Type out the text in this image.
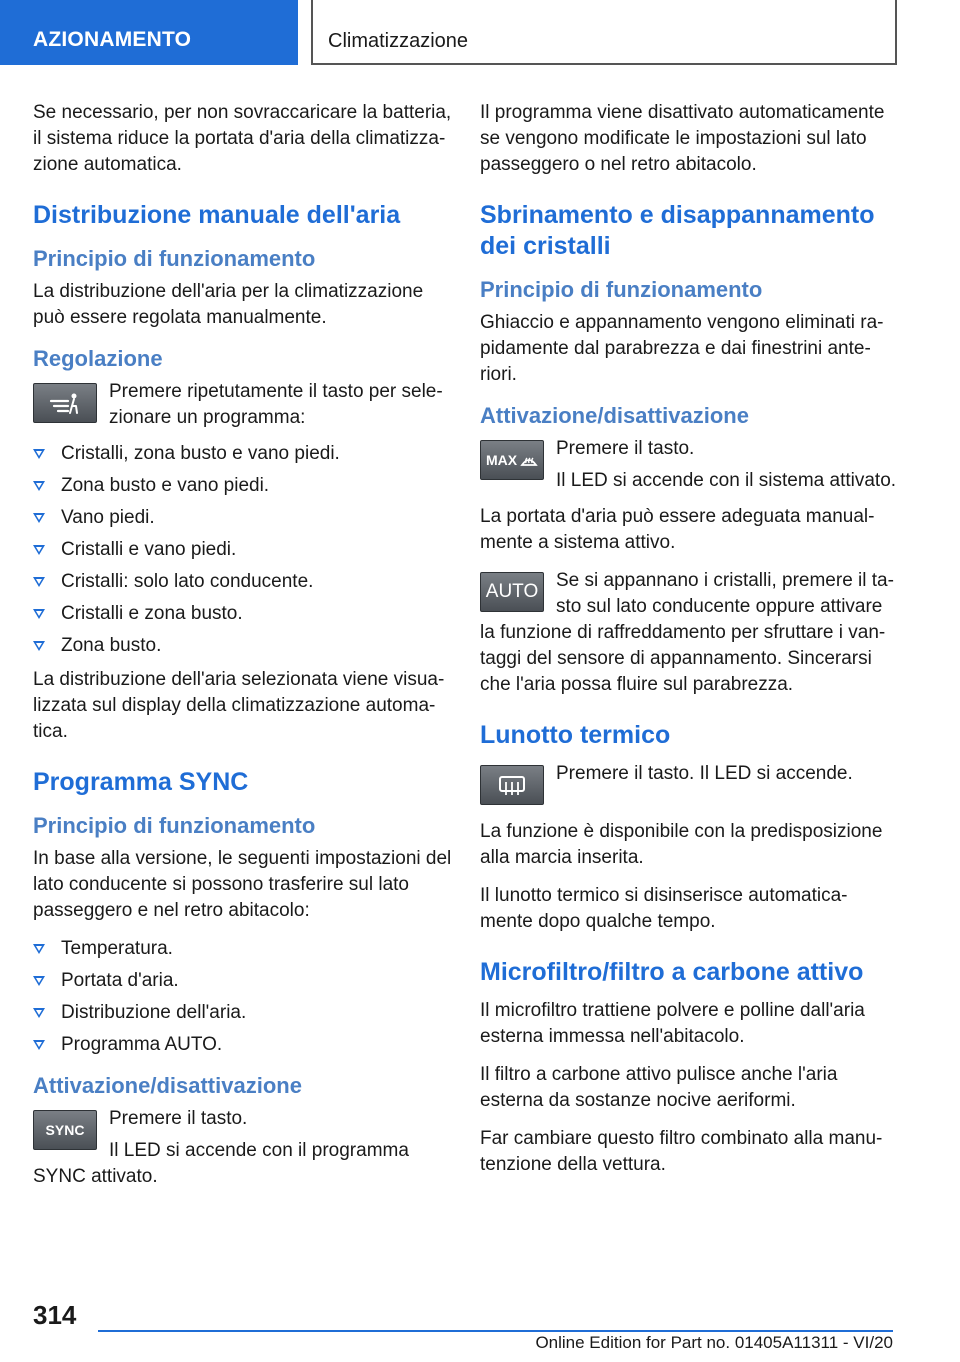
AZIONAMENTO	Climatizzazione

Se necessario, per non sovraccaricare la batteria, il sistema riduce la portata d'aria della climatizza-zione automatica.

Distribuzione manuale dell'aria
Principio di funzionamento

La distribuzione dell'aria per la climatizzazione può essere regolata manualmente.

Regolazione

Premere ripetutamente il tasto per sele-zionare un programma:

Cristalli, zona busto e vano piedi.
Zona busto e vano piedi.
Vano piedi.
Cristalli e vano piedi.
Cristalli: solo lato conducente.
Cristalli e zona busto.
Zona busto.

La distribuzione dell'aria selezionata viene visua-lizzata sul display della climatizzazione automa-tica.

Programma SYNC
Principio di funzionamento

In base alla versione, le seguenti impostazioni del lato conducente si possono trasferire sul lato passeggero e nel retro abitacolo:

Temperatura.
Portata d'aria.
Distribuzione dell'aria.
Programma AUTO.
Attivazione/disattivazione
SYNC

Premere il tasto.

Il LED si accende con il programma SYNC attivato.

Il programma viene disattivato automaticamente se vengono modificate le impostazioni sul lato passeggero o nel retro abitacolo.

Sbrinamento e disappannamento dei cristalli
Principio di funzionamento

Ghiaccio e appannamento vengono eliminati ra-pidamente dal parabrezza e dai finestrini ante-riori.

Attivazione/disattivazione
MAX

Premere il tasto.

Il LED si accende con il sistema attivato.

La portata d'aria può essere adeguata manual-mente a sistema attivo.

AUTO

Se si appannano i cristalli, premere il ta-sto sul lato conducente oppure attivare la funzione di raffreddamento per sfruttare i van-taggi del sensore di appannamento. Sincerarsi che l'aria possa fluire sul parabrezza.

Lunotto termico

Premere il tasto. Il LED si accende.

La funzione è disponibile con la predisposizione alla marcia inserita.

Il lunotto termico si disinserisce automatica-mente dopo qualche tempo.

Microfiltro/filtro a carbone attivo

Il microfiltro trattiene polvere e polline dall'aria esterna immessa nell'abitacolo.

Il filtro a carbone attivo pulisce anche l'aria esterna da sostanze nocive aeriformi.

Far cambiare questo filtro combinato alla manu-tenzione della vettura.

314
Online Edition for Part no. 01405A11311 - VI/20
